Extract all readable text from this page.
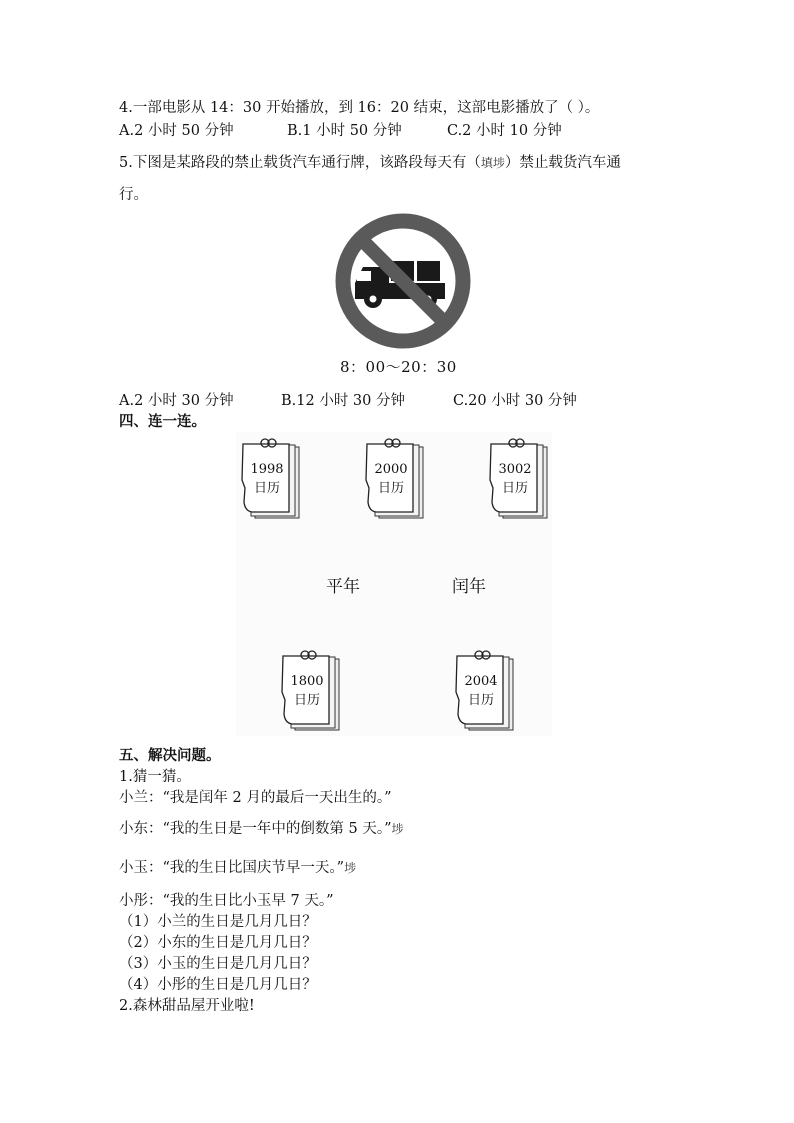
4.一部电影从 14：30 开始播放，到 16：20 结束，这部电影播放了（ ）。
A.2 小时 50 分钟	B.1 小时 50 分钟	C.2 小时 10 分钟
5.下图是某路段的禁止载货汽车通行牌，该路段每天有（填埗）禁止载货汽车通
行。
8：00～20：30
A.2 小时 30 分钟	B.12 小时 30 分钟	C.20 小时 30 分钟
四、连一连。
1998
日历
2000
日历
3002
日历
平年	闰年
1800
日历
2004
日历
五、解决问题。
1.猜一猜。
小兰：“我是闰年 2 月的最后一天出生的。”
小东：“我的生日是一年中的倒数第 5 天。”埗
小玉：“我的生日比国庆节早一天。”埗
小彤：“我的生日比小玉早 7 天。”
（1）小兰的生日是几月几日？
（2）小东的生日是几月几日？
（3）小玉的生日是几月几日？
（4）小彤的生日是几月几日？
2.森林甜品屋开业啦!
